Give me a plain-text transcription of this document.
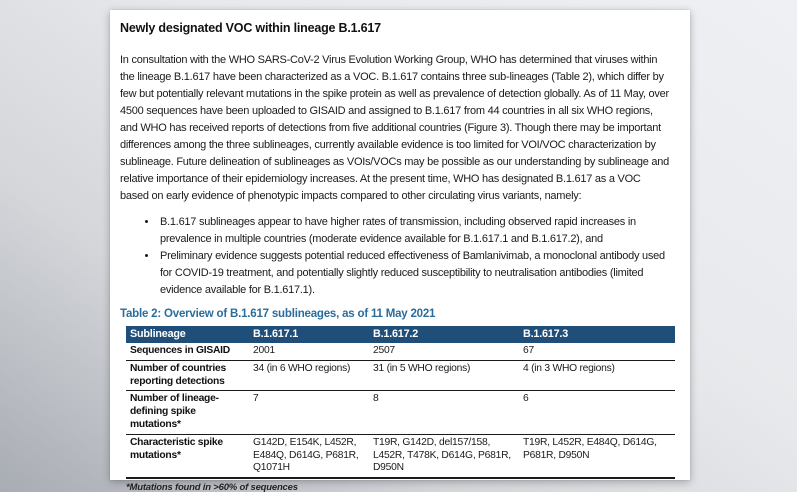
Newly designated VOC within lineage B.1.617

In consultation with the WHO SARS-CoV-2 Virus Evolution Working Group, WHO has determined that viruses within the lineage B.1.617 have been characterized as a VOC. B.1.617 contains three sub-lineages (Table 2), which differ by few but potentially relevant mutations in the spike protein as well as prevalence of detection globally. As of 11 May, over 4500 sequences have been uploaded to GISAID and assigned to B.1.617 from 44 countries in all six WHO regions, and WHO has received reports of detections from five additional countries (Figure 3). Though there may be important differences among the three sublineages, currently available evidence is too limited for VOI/VOC characterization by sublineage. Future delineation of sublineages as VOIs/VOCs may be possible as our understanding by sublineage and relative importance of their epidemiology increases. At the present time, WHO has designated B.1.617 as a VOC based on early evidence of phenotypic impacts compared to other circulating virus variants, namely:

• B.1.617 sublineages appear to have higher rates of transmission, including observed rapid increases in prevalence in multiple countries (moderate evidence available for B.1.617.1 and B.1.617.2), and
• Preliminary evidence suggests potential reduced effectiveness of Bamlanivimab, a monoclonal antibody used for COVID-19 treatment, and potentially slightly reduced susceptibility to neutralisation antibodies (limited evidence available for B.1.617.1).
Table 2: Overview of B.1.617 sublineages, as of 11 May 2021
Sublineage	B.1.617.1	B.1.617.2	B.1.617.3
Sequences in GISAID	2001	2507	67
Number of countries reporting detections	34 (in 6 WHO regions)	31 (in 5 WHO regions)	4 (in 3 WHO regions)
Number of lineage-defining spike mutations*	7	8	6
Characteristic spike mutations*	G142D, E154K, L452R, E484Q, D614G, P681R, Q1071H	T19R, G142D, del157/158, L452R, T478K, D614G, P681R, D950N	T19R, L452R, E484Q, D614G, P681R, D950N
*Mutations found in >60% of sequences
